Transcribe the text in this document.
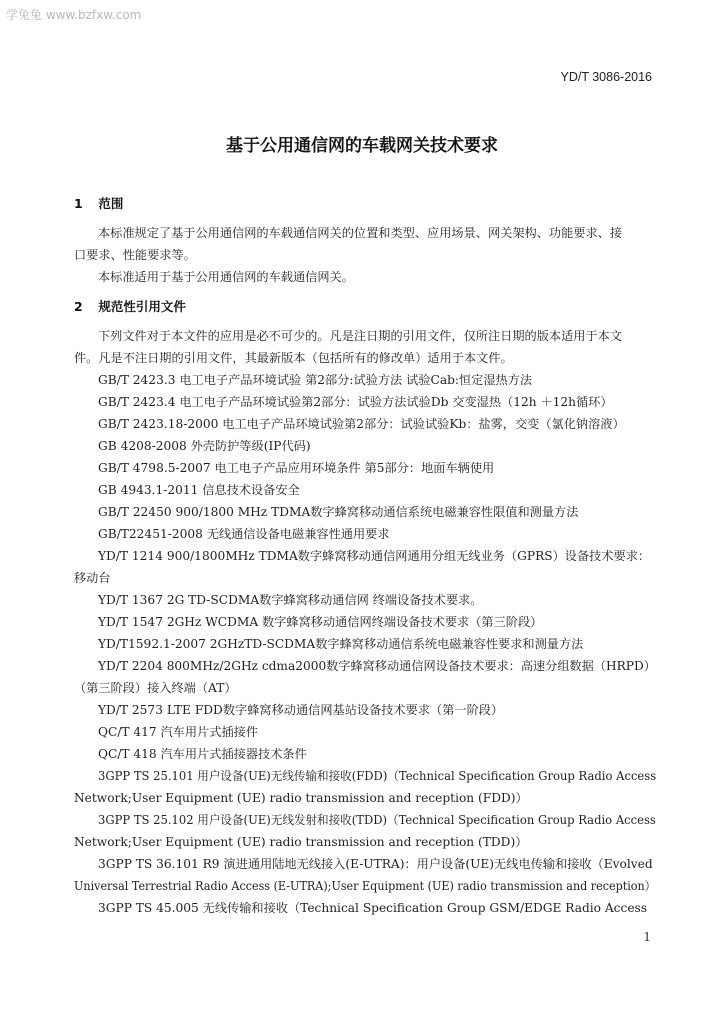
学兔兔 www.bzfxw.com
YD/T 3086-2016
基于公用通信网的车载网关技术要求
1 范围
本标准规定了基于公用通信网的车载通信网关的位置和类型、应用场景、网关架构、功能要求、接
口要求、性能要求等。
本标准适用于基于公用通信网的车载通信网关。
2 规范性引用文件
下列文件对于本文件的应用是必不可少的。凡是注日期的引用文件，仅所注日期的版本适用于本文
件。凡是不注日期的引用文件，其最新版本（包括所有的修改单）适用于本文件。
GB/T 2423.3 电工电子产品环境试验 第2部分:试验方法 试验Cab:恒定湿热方法
GB/T 2423.4 电工电子产品环境试验第2部分：试验方法试验Db 交变湿热（12h ＋12h循环）
GB/T 2423.18-2000 电工电子产品环境试验第2部分：试验试验Kb：盐雾，交变（氯化钠溶液）
GB 4208-2008 外壳防护等级(IP代码)
GB/T 4798.5-2007 电工电子产品应用环境条件 第5部分：地面车辆使用
GB 4943.1-2011 信息技术设备安全
GB/T 22450 900/1800 MHz TDMA数字蜂窝移动通信系统电磁兼容性限值和测量方法
GB/T22451-2008 无线通信设备电磁兼容性通用要求
YD/T 1214 900/1800MHz TDMA数字蜂窝移动通信网通用分组无线业务（GPRS）设备技术要求：
移动台
YD/T 1367 2G TD-SCDMA数字蜂窝移动通信网 终端设备技术要求。
YD/T 1547 2GHz WCDMA 数字蜂窝移动通信网终端设备技术要求（第三阶段）
YD/T1592.1-2007 2GHzTD-SCDMA数字蜂窝移动通信系统电磁兼容性要求和测量方法
YD/T 2204 800MHz/2GHz cdma2000数字蜂窝移动通信网设备技术要求：高速分组数据（HRPD）
（第三阶段）接入终端（AT）
YD/T 2573 LTE FDD数字蜂窝移动通信网基站设备技术要求（第一阶段）
QC/T 417 汽车用片式插接件
QC/T 418 汽车用片式插接器技术条件
3GPP TS 25.101 用户设备(UE)无线传输和接收(FDD)（Technical Specification Group Radio Access
Network;User Equipment (UE) radio transmission and reception (FDD)）
3GPP TS 25.102 用户设备(UE)无线发射和接收(TDD)（Technical Specification Group Radio Access
Network;User Equipment (UE) radio transmission and reception (TDD)）
3GPP TS 36.101 R9 演进通用陆地无线接入(E-UTRA)：用户设备(UE)无线电传输和接收（Evolved
Universal Terrestrial Radio Access (E-UTRA);User Equipment (UE) radio transmission and reception）
3GPP TS 45.005 无线传输和接收（Technical Specification Group GSM/EDGE Radio Access
1
